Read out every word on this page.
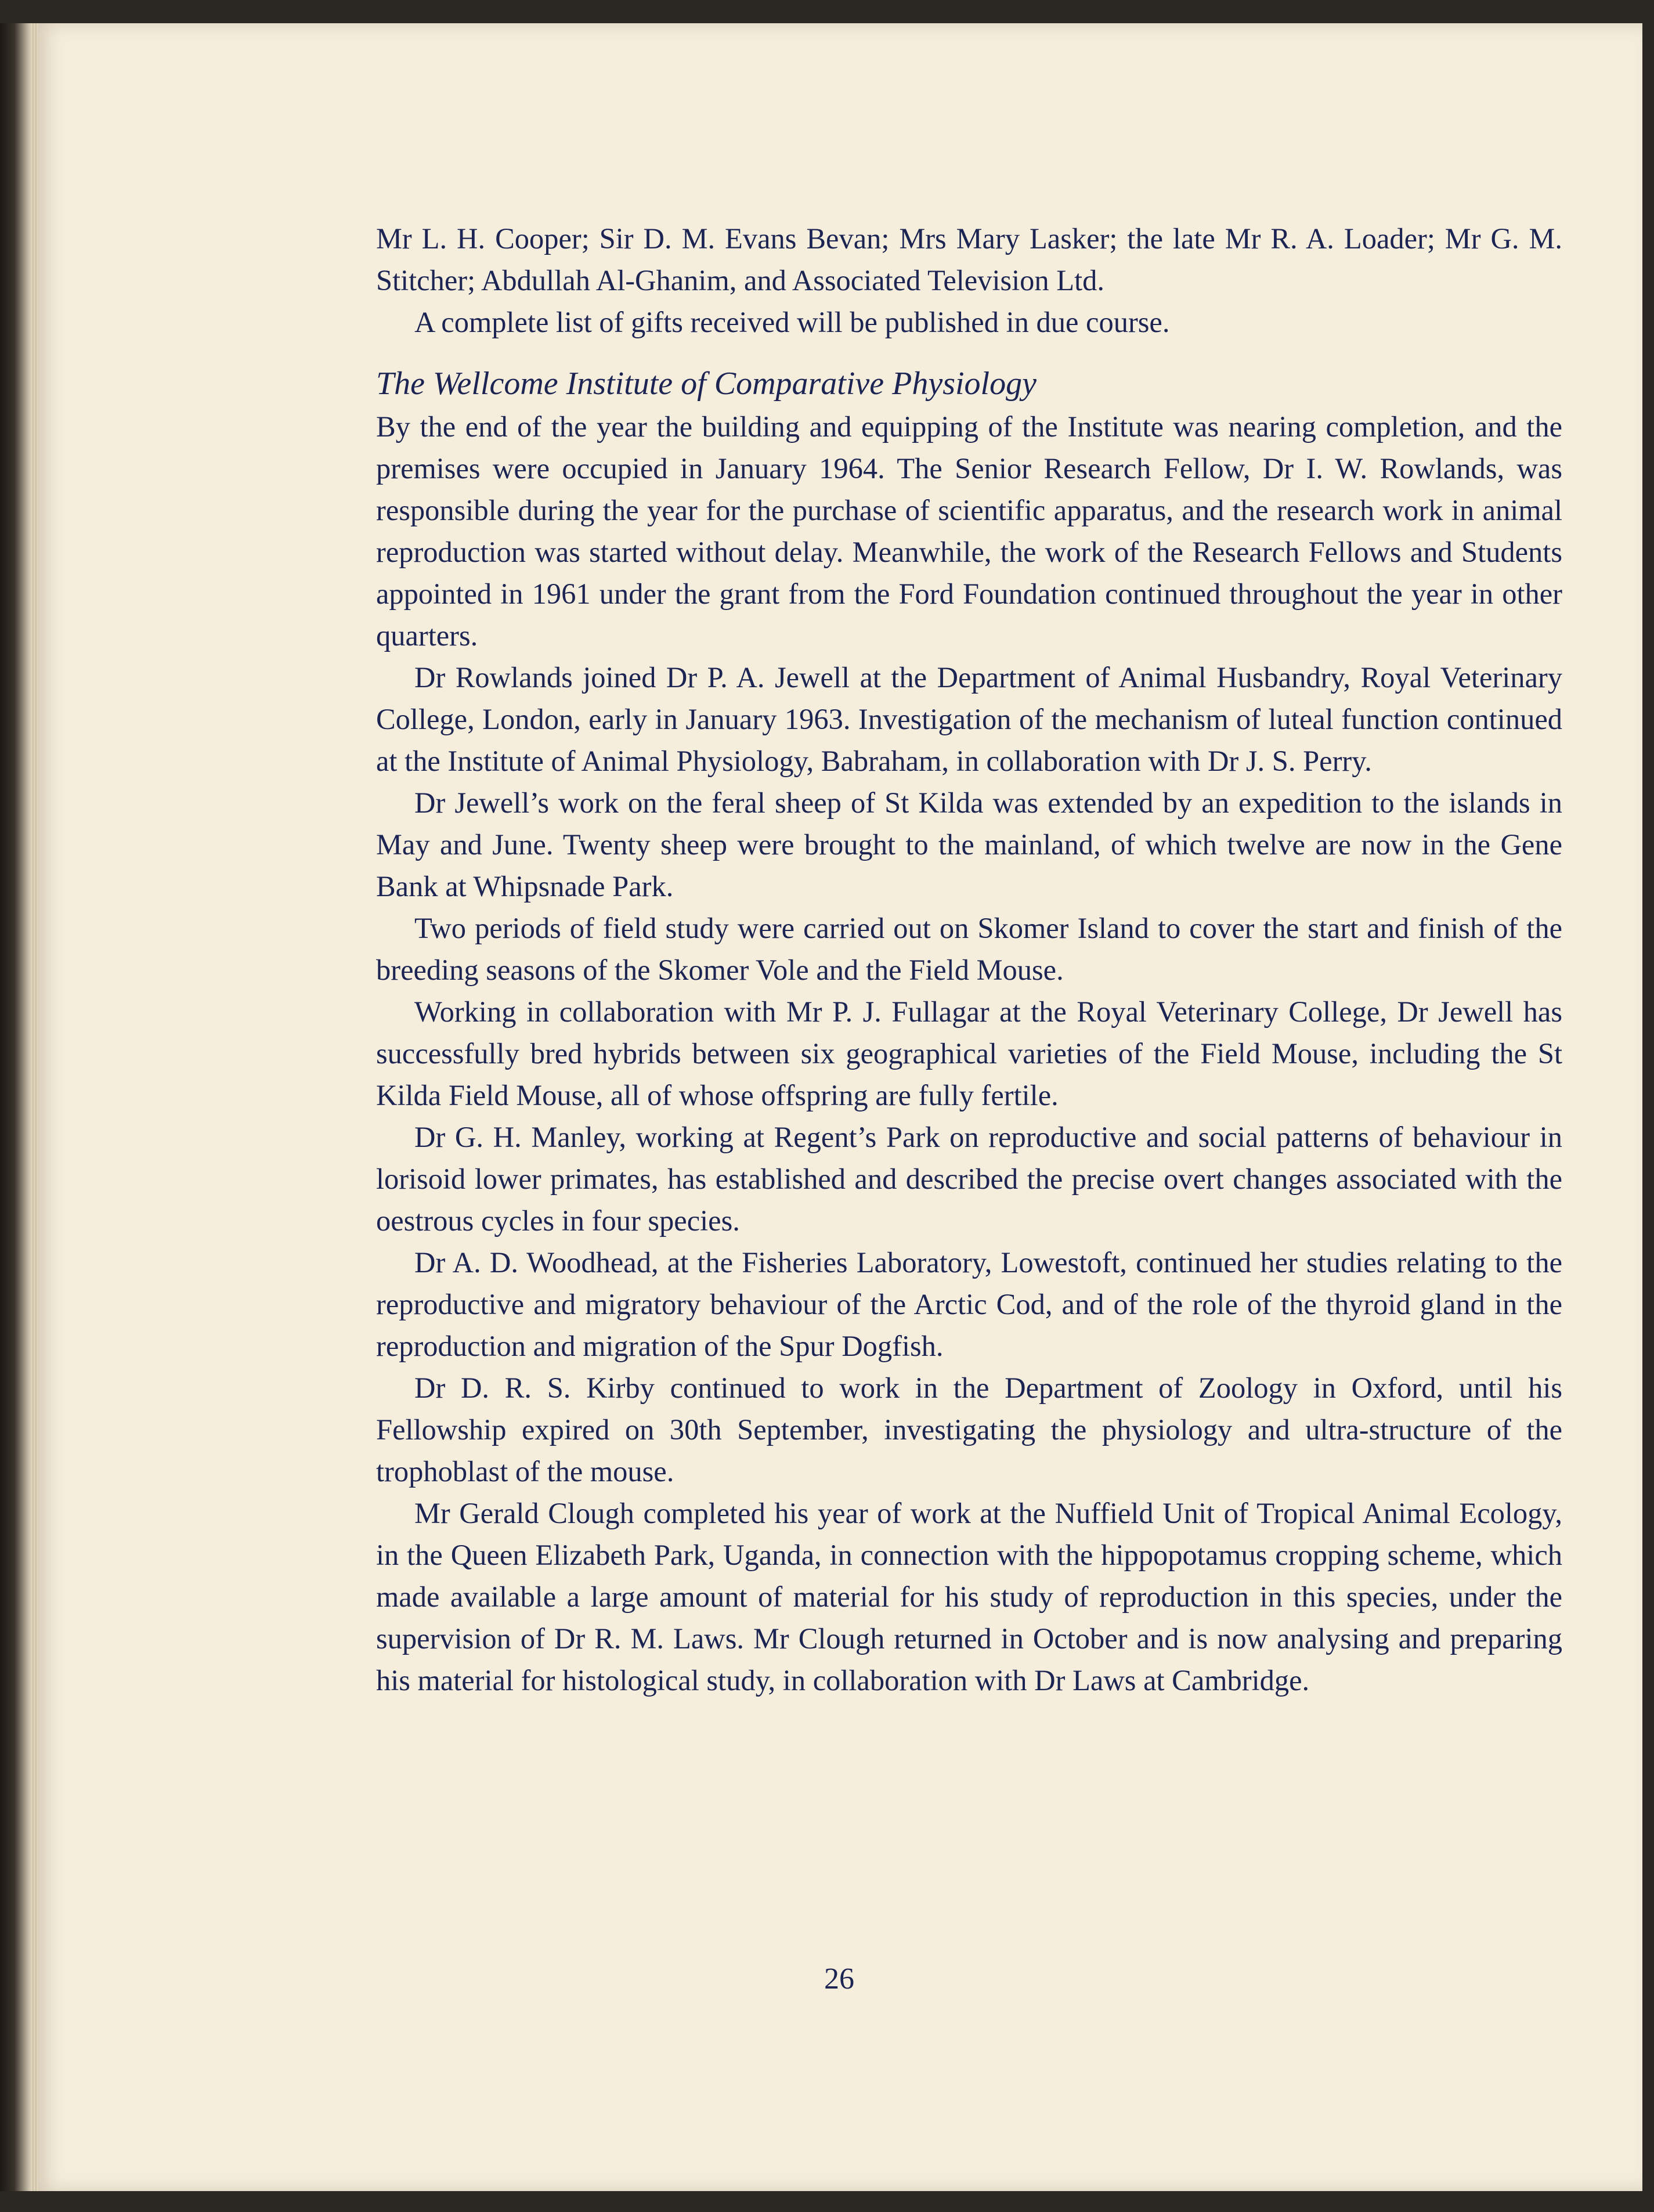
Mr L. H. Cooper; Sir D. M. Evans Bevan; Mrs Mary Lasker; the late Mr R. A. Loader; Mr G. M. Stitcher; Abdullah Al-Ghanim, and Associated Television Ltd.

A complete list of gifts received will be published in due course.

The Wellcome Institute of Comparative Physiology

By the end of the year the building and equipping of the Institute was nearing completion, and the premises were occupied in January 1964. The Senior Research Fellow, Dr I. W. Rowlands, was responsible during the year for the purchase of scientific apparatus, and the research work in animal reproduction was started without delay. Meanwhile, the work of the Research Fellows and Students appointed in 1961 under the grant from the Ford Foundation continued throughout the year in other quarters.

Dr Rowlands joined Dr P. A. Jewell at the Department of Animal Husbandry, Royal Veterinary College, London, early in January 1963. Investigation of the mechanism of luteal function continued at the Institute of Animal Physiology, Babraham, in collaboration with Dr J. S. Perry.

Dr Jewell’s work on the feral sheep of St Kilda was extended by an expedition to the islands in May and June. Twenty sheep were brought to the mainland, of which twelve are now in the Gene Bank at Whipsnade Park.

Two periods of field study were carried out on Skomer Island to cover the start and finish of the breeding seasons of the Skomer Vole and the Field Mouse.

Working in collaboration with Mr P. J. Fullagar at the Royal Veterinary College, Dr Jewell has successfully bred hybrids between six geographical varieties of the Field Mouse, including the St Kilda Field Mouse, all of whose offspring are fully fertile.

Dr G. H. Manley, working at Regent’s Park on reproductive and social patterns of behaviour in lorisoid lower primates, has established and described the precise overt changes associated with the oestrous cycles in four species.

Dr A. D. Woodhead, at the Fisheries Laboratory, Lowestoft, continued her studies relating to the reproductive and migratory behaviour of the Arctic Cod, and of the role of the thyroid gland in the reproduction and migration of the Spur Dogfish.

Dr D. R. S. Kirby continued to work in the Department of Zoology in Oxford, until his Fellowship expired on 30th September, investigating the physiology and ultra-structure of the trophoblast of the mouse.

Mr Gerald Clough completed his year of work at the Nuffield Unit of Tropical Animal Ecology, in the Queen Elizabeth Park, Uganda, in connection with the hippopotamus cropping scheme, which made available a large amount of material for his study of reproduction in this species, under the supervision of Dr R. M. Laws. Mr Clough returned in October and is now analysing and preparing his material for histological study, in collaboration with Dr Laws at Cambridge.

26
